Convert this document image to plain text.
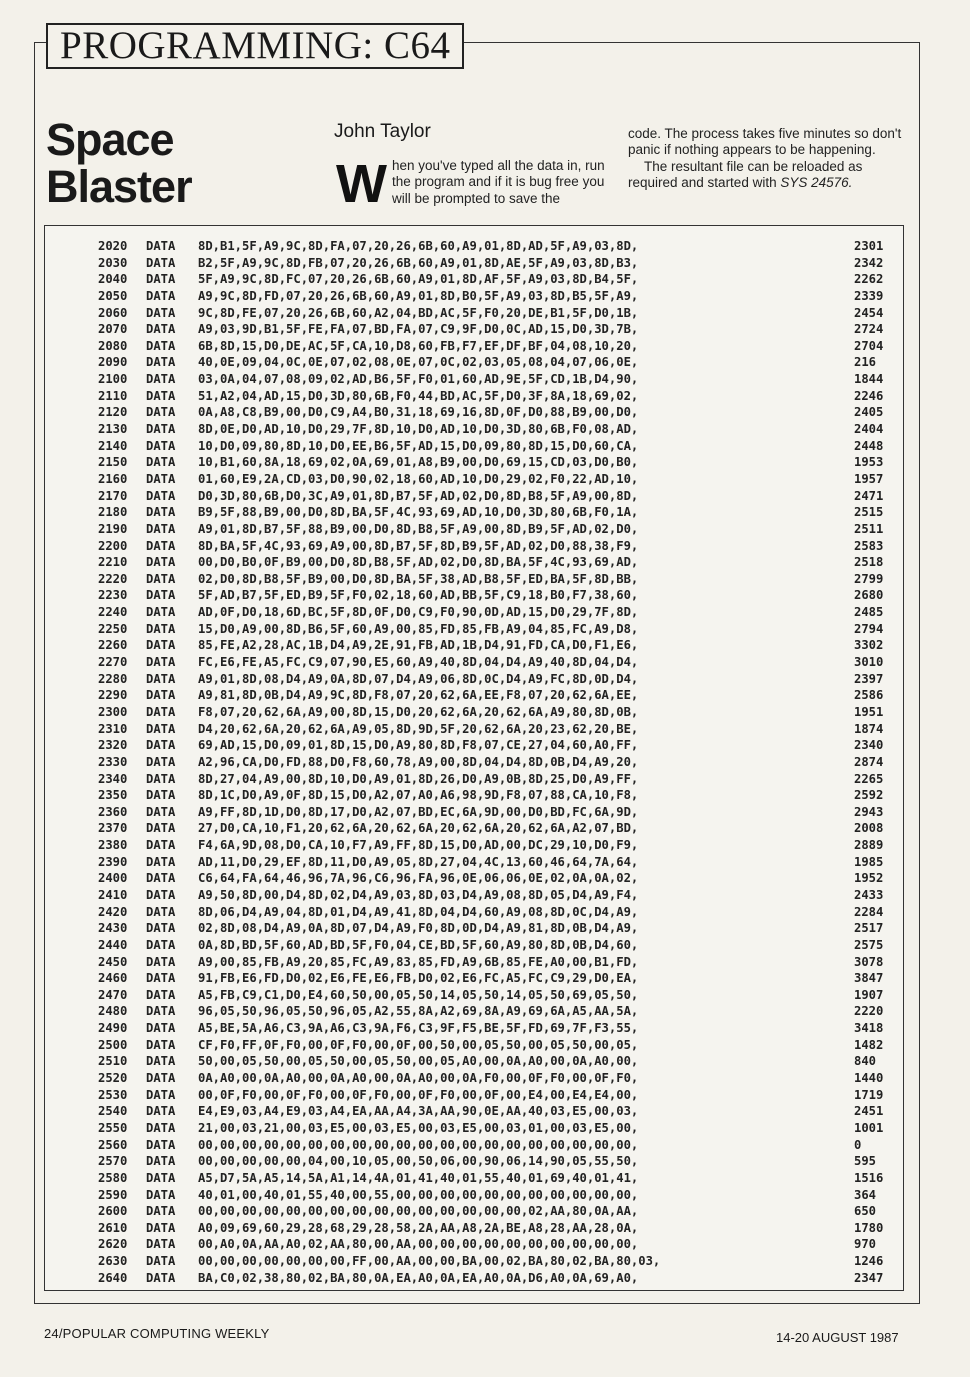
PROGRAMMING: C64
Space
Blaster
John Taylor
W hen you've typed all the data in, run the program and if it is bug free you will be prompted to save the

code. The process takes five minutes so don't panic if nothing appears to be happening.

The resultant file can be reloaded as required and started with SYS 24576.

2020	DATA	8D,B1,5F,A9,9C,8D,FA,07,20,26,6B,60,A9,01,8D,AD,5F,A9,03,8D,	2301
2030	DATA	B2,5F,A9,9C,8D,FB,07,20,26,6B,60,A9,01,8D,AE,5F,A9,03,8D,B3,	2342
2040	DATA	5F,A9,9C,8D,FC,07,20,26,6B,60,A9,01,8D,AF,5F,A9,03,8D,B4,5F,	2262
2050	DATA	A9,9C,8D,FD,07,20,26,6B,60,A9,01,8D,B0,5F,A9,03,8D,B5,5F,A9,	2339
2060	DATA	9C,8D,FE,07,20,26,6B,60,A2,04,BD,AC,5F,F0,20,DE,B1,5F,D0,1B,	2454
2070	DATA	A9,03,9D,B1,5F,FE,FA,07,BD,FA,07,C9,9F,D0,0C,AD,15,D0,3D,7B,	2724
2080	DATA	6B,8D,15,D0,DE,AC,5F,CA,10,D8,60,FB,F7,EF,DF,BF,04,08,10,20,	2704
2090	DATA	40,0E,09,04,0C,0E,07,02,08,0E,07,0C,02,03,05,08,04,07,06,0E,	216
2100	DATA	03,0A,04,07,08,09,02,AD,B6,5F,F0,01,60,AD,9E,5F,CD,1B,D4,90,	1844
2110	DATA	51,A2,04,AD,15,D0,3D,80,6B,F0,44,BD,AC,5F,D0,3F,8A,18,69,02,	2246
2120	DATA	0A,A8,C8,B9,00,D0,C9,A4,B0,31,18,69,16,8D,0F,D0,88,B9,00,D0,	2405
2130	DATA	8D,0E,D0,AD,10,D0,29,7F,8D,10,D0,AD,10,D0,3D,80,6B,F0,08,AD,	2404
2140	DATA	10,D0,09,80,8D,10,D0,EE,B6,5F,AD,15,D0,09,80,8D,15,D0,60,CA,	2448
2150	DATA	10,B1,60,8A,18,69,02,0A,69,01,A8,B9,00,D0,69,15,CD,03,D0,B0,	1953
2160	DATA	01,60,E9,2A,CD,03,D0,90,02,18,60,AD,10,D0,29,02,F0,22,AD,10,	1957
2170	DATA	D0,3D,80,6B,D0,3C,A9,01,8D,B7,5F,AD,02,D0,8D,B8,5F,A9,00,8D,	2471
2180	DATA	B9,5F,88,B9,00,D0,8D,BA,5F,4C,93,69,AD,10,D0,3D,80,6B,F0,1A,	2515
2190	DATA	A9,01,8D,B7,5F,88,B9,00,D0,8D,B8,5F,A9,00,8D,B9,5F,AD,02,D0,	2511
2200	DATA	8D,BA,5F,4C,93,69,A9,00,8D,B7,5F,8D,B9,5F,AD,02,D0,88,38,F9,	2583
2210	DATA	00,D0,B0,0F,B9,00,D0,8D,B8,5F,AD,02,D0,8D,BA,5F,4C,93,69,AD,	2518
2220	DATA	02,D0,8D,B8,5F,B9,00,D0,8D,BA,5F,38,AD,B8,5F,ED,BA,5F,8D,BB,	2799
2230	DATA	5F,AD,B7,5F,ED,B9,5F,F0,02,18,60,AD,BB,5F,C9,18,B0,F7,38,60,	2680
2240	DATA	AD,0F,D0,18,6D,BC,5F,8D,0F,D0,C9,F0,90,0D,AD,15,D0,29,7F,8D,	2485
2250	DATA	15,D0,A9,00,8D,B6,5F,60,A9,00,85,FD,85,FB,A9,04,85,FC,A9,D8,	2794
2260	DATA	85,FE,A2,28,AC,1B,D4,A9,2E,91,FB,AD,1B,D4,91,FD,CA,D0,F1,E6,	3302
2270	DATA	FC,E6,FE,A5,FC,C9,07,90,E5,60,A9,40,8D,04,D4,A9,40,8D,04,D4,	3010
2280	DATA	A9,01,8D,08,D4,A9,0A,8D,07,D4,A9,06,8D,0C,D4,A9,FC,8D,0D,D4,	2397
2290	DATA	A9,81,8D,0B,D4,A9,9C,8D,F8,07,20,62,6A,EE,F8,07,20,62,6A,EE,	2586
2300	DATA	F8,07,20,62,6A,A9,00,8D,15,D0,20,62,6A,20,62,6A,A9,80,8D,0B,	1951
2310	DATA	D4,20,62,6A,20,62,6A,A9,05,8D,9D,5F,20,62,6A,20,23,62,20,BE,	1874
2320	DATA	69,AD,15,D0,09,01,8D,15,D0,A9,80,8D,F8,07,CE,27,04,60,A0,FF,	2340
2330	DATA	A2,96,CA,D0,FD,88,D0,F8,60,78,A9,00,8D,04,D4,8D,0B,D4,A9,20,	2874
2340	DATA	8D,27,04,A9,00,8D,10,D0,A9,01,8D,26,D0,A9,0B,8D,25,D0,A9,FF,	2265
2350	DATA	8D,1C,D0,A9,0F,8D,15,D0,A2,07,A0,A6,98,9D,F8,07,88,CA,10,F8,	2592
2360	DATA	A9,FF,8D,1D,D0,8D,17,D0,A2,07,BD,EC,6A,9D,00,D0,BD,FC,6A,9D,	2943
2370	DATA	27,D0,CA,10,F1,20,62,6A,20,62,6A,20,62,6A,20,62,6A,A2,07,BD,	2008
2380	DATA	F4,6A,9D,08,D0,CA,10,F7,A9,FF,8D,15,D0,AD,00,DC,29,10,D0,F9,	2889
2390	DATA	AD,11,D0,29,EF,8D,11,D0,A9,05,8D,27,04,4C,13,60,46,64,7A,64,	1985
2400	DATA	C6,64,FA,64,46,96,7A,96,C6,96,FA,96,0E,06,06,0E,02,0A,0A,02,	1952
2410	DATA	A9,50,8D,00,D4,8D,02,D4,A9,03,8D,03,D4,A9,08,8D,05,D4,A9,F4,	2433
2420	DATA	8D,06,D4,A9,04,8D,01,D4,A9,41,8D,04,D4,60,A9,08,8D,0C,D4,A9,	2284
2430	DATA	02,8D,08,D4,A9,0A,8D,07,D4,A9,F0,8D,0D,D4,A9,81,8D,0B,D4,A9,	2517
2440	DATA	0A,8D,BD,5F,60,AD,BD,5F,F0,04,CE,BD,5F,60,A9,80,8D,0B,D4,60,	2575
2450	DATA	A9,00,85,FB,A9,20,85,FC,A9,83,85,FD,A9,6B,85,FE,A0,00,B1,FD,	3078
2460	DATA	91,FB,E6,FD,D0,02,E6,FE,E6,FB,D0,02,E6,FC,A5,FC,C9,29,D0,EA,	3847
2470	DATA	A5,FB,C9,C1,D0,E4,60,50,00,05,50,14,05,50,14,05,50,69,05,50,	1907
2480	DATA	96,05,50,96,05,50,96,05,A2,55,8A,A2,69,8A,A9,69,6A,A5,AA,5A,	2220
2490	DATA	A5,BE,5A,A6,C3,9A,A6,C3,9A,F6,C3,9F,F5,BE,5F,FD,69,7F,F3,55,	3418
2500	DATA	CF,F0,FF,0F,F0,00,0F,F0,00,0F,00,50,00,05,50,00,05,50,00,05,	1482
2510	DATA	50,00,05,50,00,05,50,00,05,50,00,05,A0,00,0A,A0,00,0A,A0,00,	840
2520	DATA	0A,A0,00,0A,A0,00,0A,A0,00,0A,A0,00,0A,F0,00,0F,F0,00,0F,F0,	1440
2530	DATA	00,0F,F0,00,0F,F0,00,0F,F0,00,0F,F0,00,0F,00,E4,00,E4,E4,00,	1719
2540	DATA	E4,E9,03,A4,E9,03,A4,EA,AA,A4,3A,AA,90,0E,AA,40,03,E5,00,03,	2451
2550	DATA	21,00,03,21,00,03,E5,00,03,E5,00,03,E5,00,03,01,00,03,E5,00,	1001
2560	DATA	00,00,00,00,00,00,00,00,00,00,00,00,00,00,00,00,00,00,00,00,	0
2570	DATA	00,00,00,00,00,04,00,10,05,00,50,06,00,90,06,14,90,05,55,50,	595
2580	DATA	A5,D7,5A,A5,14,5A,A1,14,4A,01,41,40,01,55,40,01,69,40,01,41,	1516
2590	DATA	40,01,00,40,01,55,40,00,55,00,00,00,00,00,00,00,00,00,00,00,	364
2600	DATA	00,00,00,00,00,00,00,00,00,00,00,00,00,00,00,02,AA,80,0A,AA,	650
2610	DATA	A0,09,69,60,29,28,68,29,28,58,2A,AA,A8,2A,BE,A8,28,AA,28,0A,	1780
2620	DATA	00,A0,0A,AA,A0,02,AA,80,00,AA,00,00,00,00,00,00,00,00,00,00,	970
2630	DATA	00,00,00,00,00,00,00,FF,00,AA,00,00,BA,00,02,BA,80,02,BA,80,03,	1246
2640	DATA	BA,C0,02,38,80,02,BA,80,0A,EA,A0,0A,EA,A0,0A,D6,A0,0A,69,A0,	2347
24/POPULAR COMPUTING WEEKLY	14-20 AUGUST 1987
